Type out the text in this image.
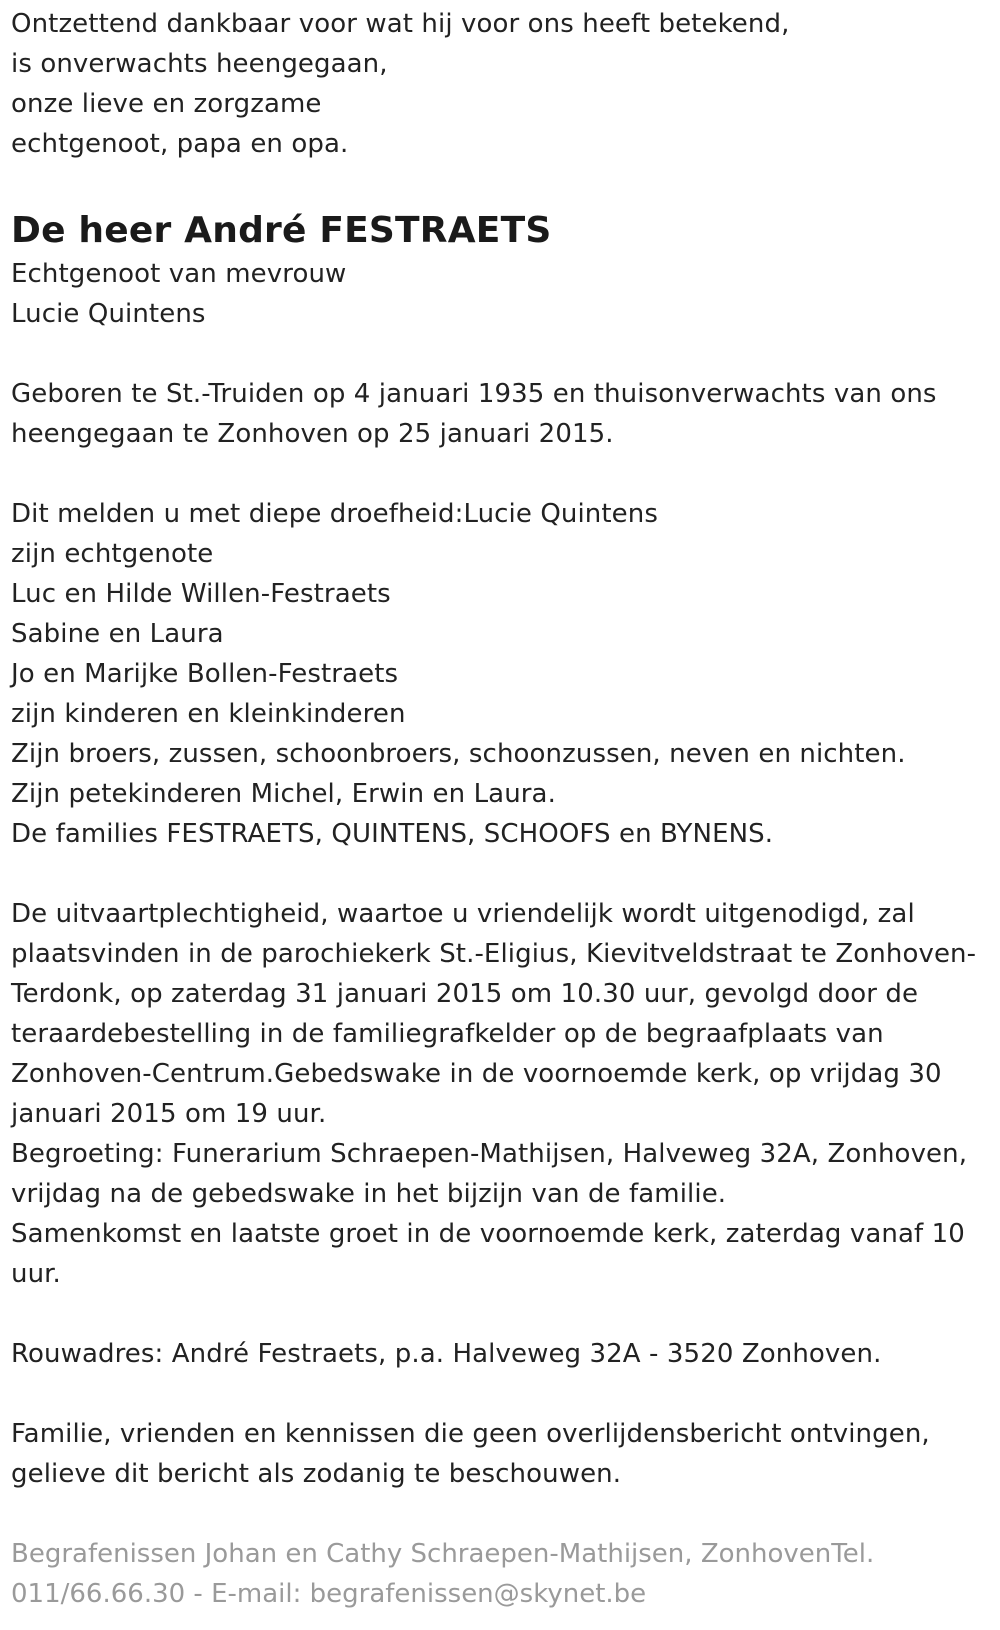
Ontzettend dankbaar voor wat hij voor ons heeft betekend,
is onverwachts heengegaan,
onze lieve en zorgzame
echtgenoot, papa en opa.

De heer André FESTRAETS

Echtgenoot van mevrouw
Lucie Quintens

Geboren te St.-Truiden op 4 januari 1935 en thuisonverwachts van ons
heengegaan te Zonhoven op 25 januari 2015.

Dit melden u met diepe droefheid:Lucie Quintens
zijn echtgenote
Luc en Hilde Willen-Festraets
Sabine en Laura
Jo en Marijke Bollen-Festraets
zijn kinderen en kleinkinderen
Zijn broers, zussen, schoonbroers, schoonzussen, neven en nichten.
Zijn petekinderen Michel, Erwin en Laura.
De families FESTRAETS, QUINTENS, SCHOOFS en BYNENS.

De uitvaartplechtigheid, waartoe u vriendelijk wordt uitgenodigd, zal
plaatsvinden in de parochiekerk St.-Eligius, Kievitveldstraat te Zonhoven-
Terdonk, op zaterdag 31 januari 2015 om 10.30 uur, gevolgd door de
teraardebestelling in de familiegrafkelder op de begraafplaats van
Zonhoven-Centrum.Gebedswake in de voornoemde kerk, op vrijdag 30
januari 2015 om 19 uur.
Begroeting: Funerarium Schraepen-Mathijsen, Halveweg 32A, Zonhoven,
vrijdag na de gebedswake in het bijzijn van de familie.
Samenkomst en laatste groet in de voornoemde kerk, zaterdag vanaf 10
uur.

Rouwadres: André Festraets, p.a. Halveweg 32A - 3520 Zonhoven.

Familie, vrienden en kennissen die geen overlijdensbericht ontvingen,
gelieve dit bericht als zodanig te beschouwen.

Begrafenissen Johan en Cathy Schraepen-Mathijsen, ZonhovenTel.
011/66.66.30 - E-mail: begrafenissen@skynet.be
